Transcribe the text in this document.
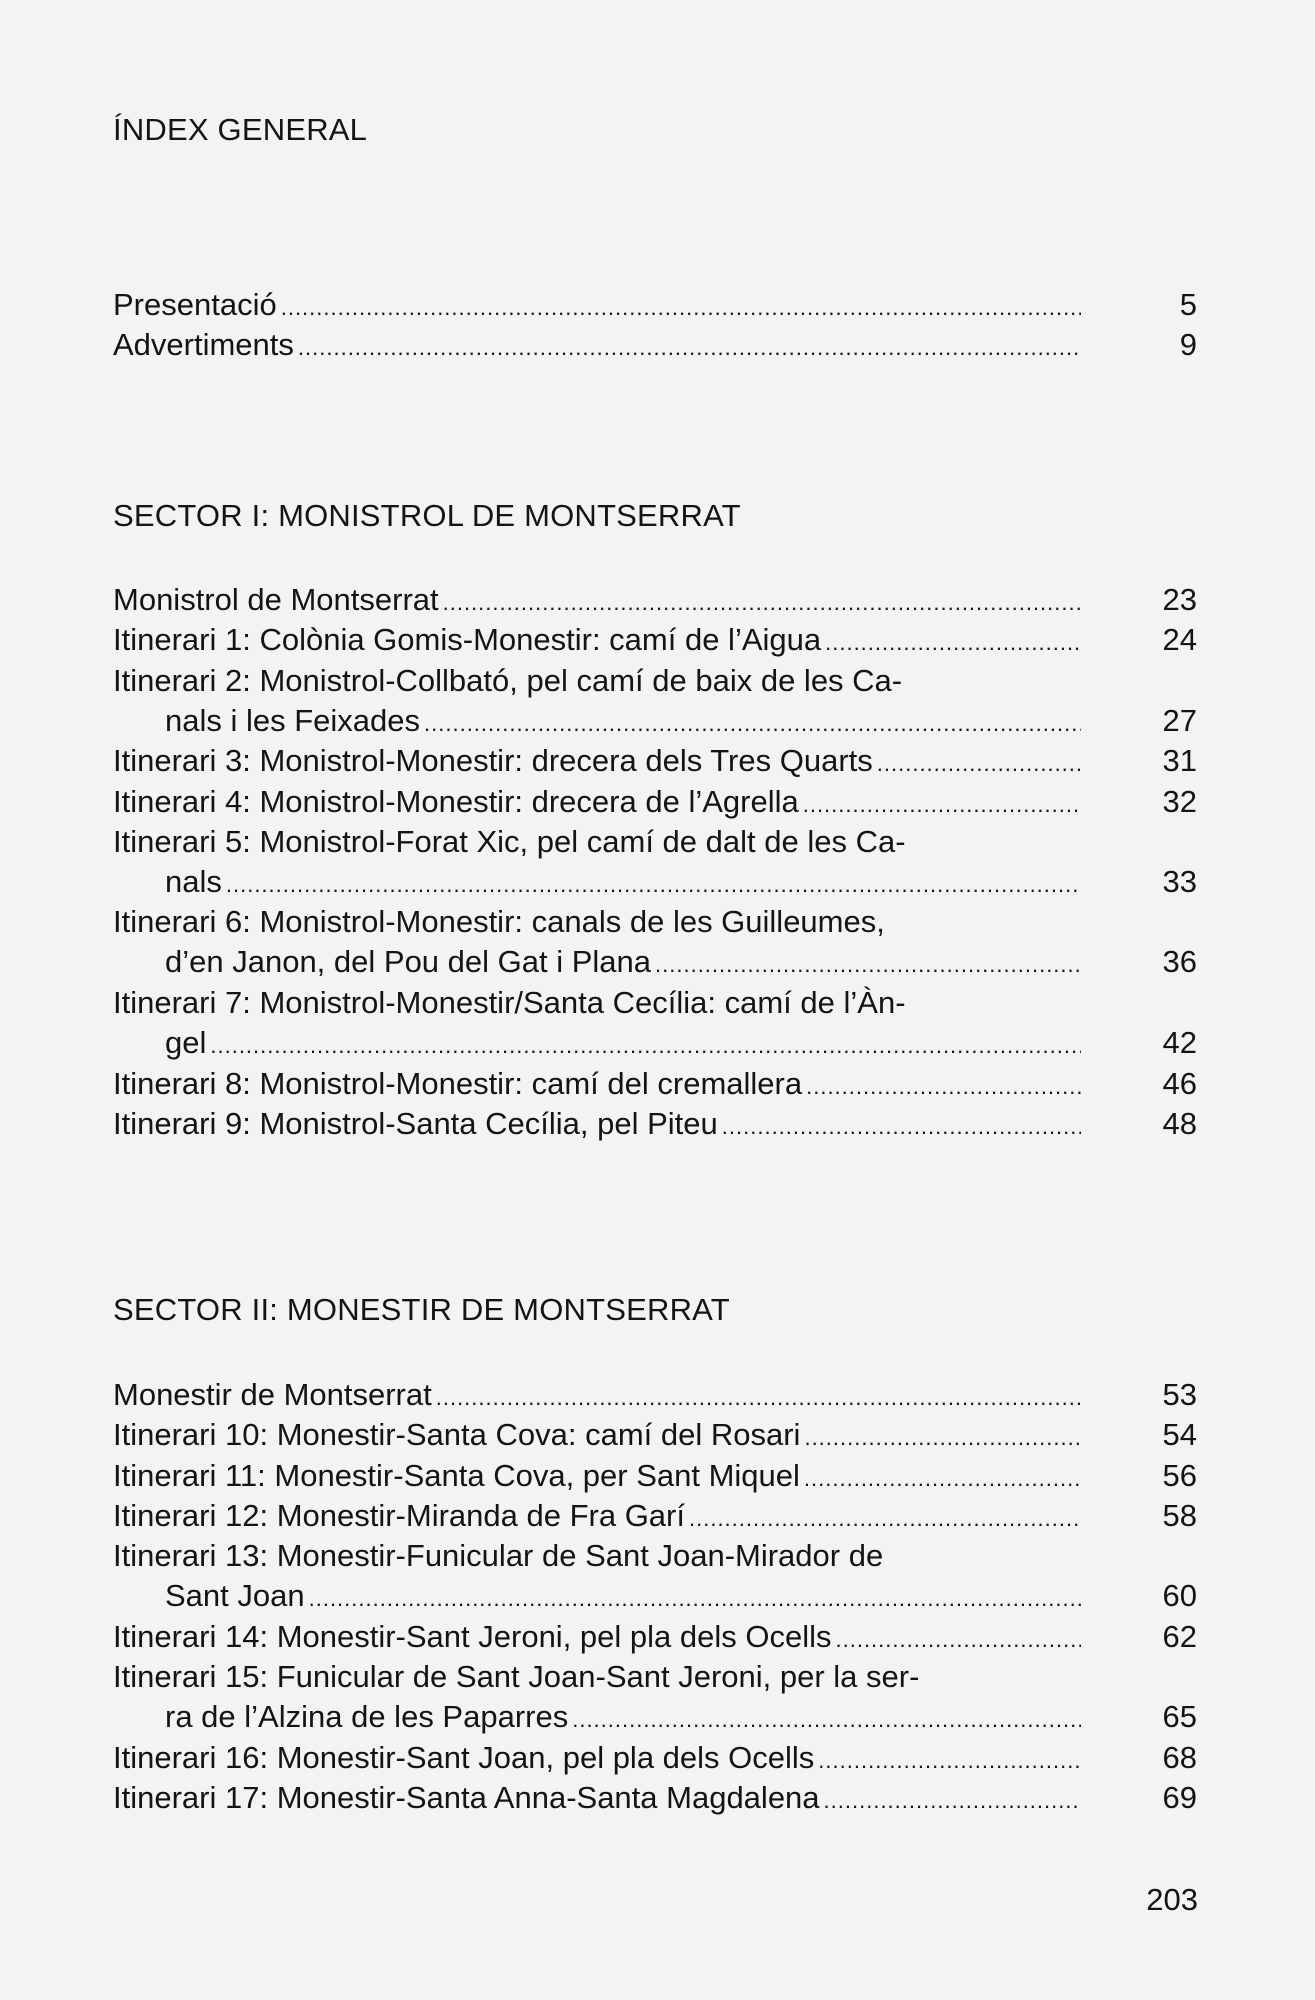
ÍNDEX GENERAL
Presentació .....	5
Advertiments .....	9
SECTOR I: MONISTROL DE MONTSERRAT
Monistrol de Montserrat .....	23
Itinerari 1: Colònia Gomis-Monestir: camí de l’Aigua .....	24
Itinerari 2: Monistrol-Collbató, pel camí de baix de les Ca-
nals i les Feixades .....	27
Itinerari 3: Monistrol-Monestir: drecera dels Tres Quarts .....	31
Itinerari 4: Monistrol-Monestir: drecera de l’Agrella .....	32
Itinerari 5: Monistrol-Forat Xic, pel camí de dalt de les Ca-
nals .....	33
Itinerari 6: Monistrol-Monestir: canals de les Guilleumes,
d’en Janon, del Pou del Gat i Plana .....	36
Itinerari 7: Monistrol-Monestir/Santa Cecília: camí de l’Àn-
gel .....	42
Itinerari 8: Monistrol-Monestir: camí del cremallera .....	46
Itinerari 9: Monistrol-Santa Cecília, pel Piteu .....	48
SECTOR II: MONESTIR DE MONTSERRAT
Monestir de Montserrat .....	53
Itinerari 10: Monestir-Santa Cova: camí del Rosari .....	54
Itinerari 11: Monestir-Santa Cova, per Sant Miquel .....	56
Itinerari 12: Monestir-Miranda de Fra Garí .....	58
Itinerari 13: Monestir-Funicular de Sant Joan-Mirador de
Sant Joan .....	60
Itinerari 14: Monestir-Sant Jeroni, pel pla dels Ocells .....	62
Itinerari 15: Funicular de Sant Joan-Sant Jeroni, per la ser-
ra de l’Alzina de les Paparres .....	65
Itinerari 16: Monestir-Sant Joan, pel pla dels Ocells .....	68
Itinerari 17: Monestir-Santa Anna-Santa Magdalena .....	69
203
